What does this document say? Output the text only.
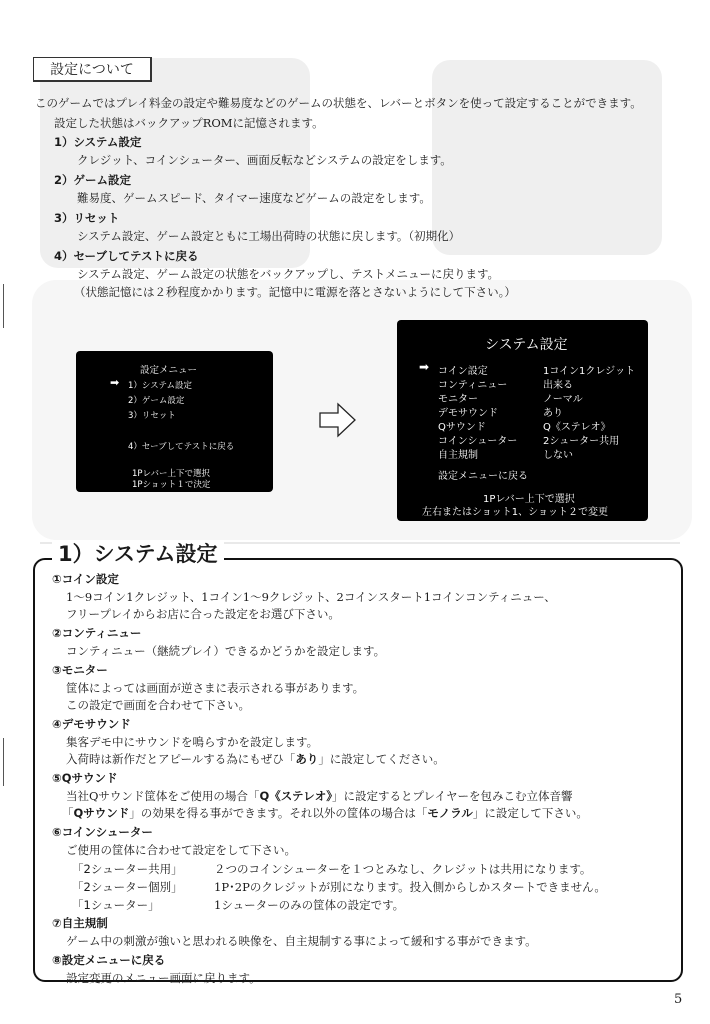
設定について
このゲームではプレイ料金の設定や難易度などのゲームの状態を、レバーとボタンを使って設定することができます。
設定した状態はバックアップROMに記憶されます。
1）システム設定
クレジット、コインシューター、画面反転などシステムの設定をします。
2）ゲーム設定
難易度、ゲームスピード、タイマー速度などゲームの設定をします。
3）リセット
システム設定、ゲーム設定ともに工場出荷時の状態に戻します。（初期化）
4）セーブしてテストに戻る
システム設定、ゲーム設定の状態をバックアップし、テストメニューに戻ります。
（状態記憶には２秒程度かかります。記憶中に電源を落とさないようにして下さい。）
設定メニュー
➡ 1）システム設定
2）ゲーム設定
3）リセット
4）セーブしてテストに戻る
1Pレバー上下で選択
1Pショット１で決定
システム設定
➡ コイン設定	1コイン1クレジット
コンティニュー	出来る
モニター	ノーマル
デモサウンド	あり
Qサウンド	Q《ステレオ》
コインシューター	2シューター共用
自主規制	しない
設定メニューに戻る
1Pレバー上下で選択
左右またはショット1、ショット２で変更
1）システム設定
①コイン設定
1～9コイン1クレジット、1コイン1～9クレジット、2コインスタート1コインコンティニュー、
フリープレイからお店に合った設定をお選び下さい。
②コンティニュー
コンティニュー（継続プレイ）できるかどうかを設定します。
③モニター
筐体によっては画面が逆さまに表示される事があります。
この設定で画面を合わせて下さい。
④デモサウンド
集客デモ中にサウンドを鳴らすかを設定します。
入荷時は新作だとアピールする為にもぜひ「あり」に設定してください。
⑤Qサウンド
当社Qサウンド筐体をご使用の場合「Q《ステレオ》」に設定するとプレイヤーを包みこむ立体音響
「Qサウンド」の効果を得る事ができます。それ以外の筐体の場合は「モノラル」に設定して下さい。
⑥コインシューター
ご使用の筐体に合わせて設定をして下さい。
「2シューター共用」	２つのコインシューターを１つとみなし、クレジットは共用になります。
「2シューター個別」	1P･2Pのクレジットが別になります。投入側からしかスタートできません。
「1シューター」	1シューターのみの筐体の設定です。
⑦自主規制
ゲーム中の刺激が強いと思われる映像を、自主規制する事によって緩和する事ができます。
⑧設定メニューに戻る
設定変更のメニュー画面に戻ります。
5
